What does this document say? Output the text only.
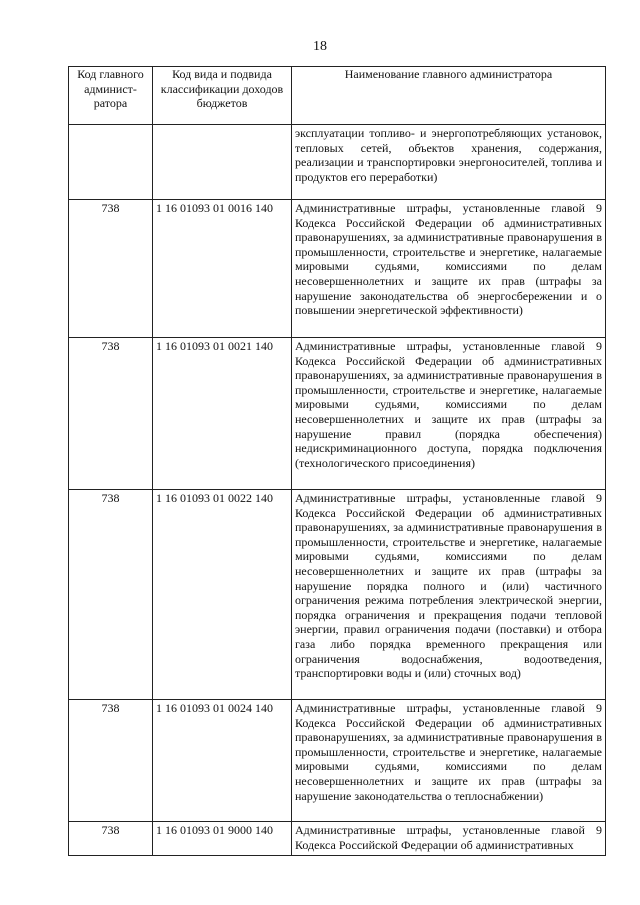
18
Код главного админист-ратора	Код вида и подвида классификации доходов бюджетов	Наименование главного администратора
		эксплуатации топливо- и энергопотребляющих установок, тепловых сетей, объектов хранения, содержания, реализации и транспортировки энергоносителей, топлива и продуктов его переработки)
738	1 16 01093 01 0016 140	Административные штрафы, установленные главой 9 Кодекса Российской Федерации об административных правонарушениях, за административные правонарушения в промышленности, строительстве и энергетике, налагаемые мировыми судьями, комиссиями по делам несовершеннолетних и защите их прав (штрафы за нарушение законодательства об энергосбережении и о повышении энергетической эффективности)
738	1 16 01093 01 0021 140	Административные штрафы, установленные главой 9 Кодекса Российской Федерации об административных правонарушениях, за административные правонарушения в промышленности, строительстве и энергетике, налагаемые мировыми судьями, комиссиями по делам несовершеннолетних и защите их прав (штрафы за нарушение правил (порядка обеспечения) недискриминационного доступа, порядка подключения (технологического присоединения)
738	1 16 01093 01 0022 140	Административные штрафы, установленные главой 9 Кодекса Российской Федерации об административных правонарушениях, за административные правонарушения в промышленности, строительстве и энергетике, налагаемые мировыми судьями, комиссиями по делам несовершеннолетних и защите их прав (штрафы за нарушение порядка полного и (или) частичного ограничения режима потребления электрической энергии, порядка ограничения и прекращения подачи тепловой энергии, правил ограничения подачи (поставки) и отбора газа либо порядка временного прекращения или ограничения водоснабжения, водоотведения, транспортировки воды и (или) сточных вод)
738	1 16 01093 01 0024 140	Административные штрафы, установленные главой 9 Кодекса Российской Федерации об административных правонарушениях, за административные правонарушения в промышленности, строительстве и энергетике, налагаемые мировыми судьями, комиссиями по делам несовершеннолетних и защите их прав (штрафы за нарушение законодательства о теплоснабжении)
738	1 16 01093 01 9000 140	Административные штрафы, установленные главой 9 Кодекса Российской Федерации об административных
